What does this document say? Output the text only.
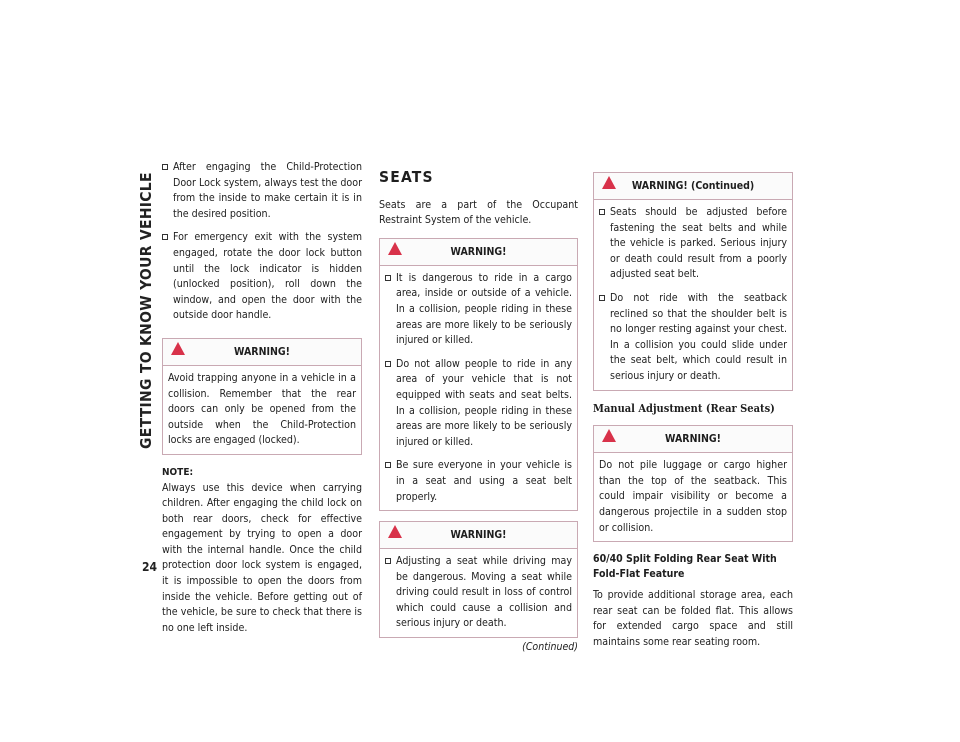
GETTING TO KNOW YOUR VEHICLE
24
After engaging the Child-Protection Door Lock system, always test the door from the inside to make certain it is in the desired position.
For emergency exit with the system engaged, rotate the door lock button until the lock indicator is hidden (unlocked position), roll down the window, and open the door with the outside door handle.
WARNING!

Avoid trapping anyone in a vehicle in a collision. Remember that the rear doors can only be opened from the outside when the Child-Protection locks are engaged (locked).

NOTE:

Always use this device when carrying children. After engaging the child lock on both rear doors, check for effective engagement by trying to open a door with the internal handle. Once the child protection door lock system is engaged, it is impossible to open the doors from inside the vehicle. Before getting out of the vehicle, be sure to check that there is no one left inside.

SEATS

Seats are a part of the Occupant Restraint System of the vehicle.

WARNING!
It is dangerous to ride in a cargo area, inside or outside of a vehicle. In a collision, people riding in these areas are more likely to be seriously injured or killed.
Do not allow people to ride in any area of your vehicle that is not equipped with seats and seat belts. In a collision, people riding in these areas are more likely to be seriously injured or killed.
Be sure everyone in your vehicle is in a seat and using a seat belt properly.
WARNING!
Adjusting a seat while driving may be dangerous. Moving a seat while driving could result in loss of control which could cause a collision and serious injury or death.
(Continued)
WARNING! (Continued)
Seats should be adjusted before fastening the seat belts and while the vehicle is parked. Serious injury or death could result from a poorly adjusted seat belt.
Do not ride with the seatback reclined so that the shoulder belt is no longer resting against your chest. In a collision you could slide under the seat belt, which could result in serious injury or death.
Manual Adjustment (Rear Seats)
WARNING!

Do not pile luggage or cargo higher than the top of the seatback. This could impair visibility or become a dangerous projectile in a sudden stop or collision.

60/40 Split Folding Rear Seat With Fold-Flat Feature

To provide additional storage area, each rear seat can be folded flat. This allows for extended cargo space and still maintains some rear seating room.
